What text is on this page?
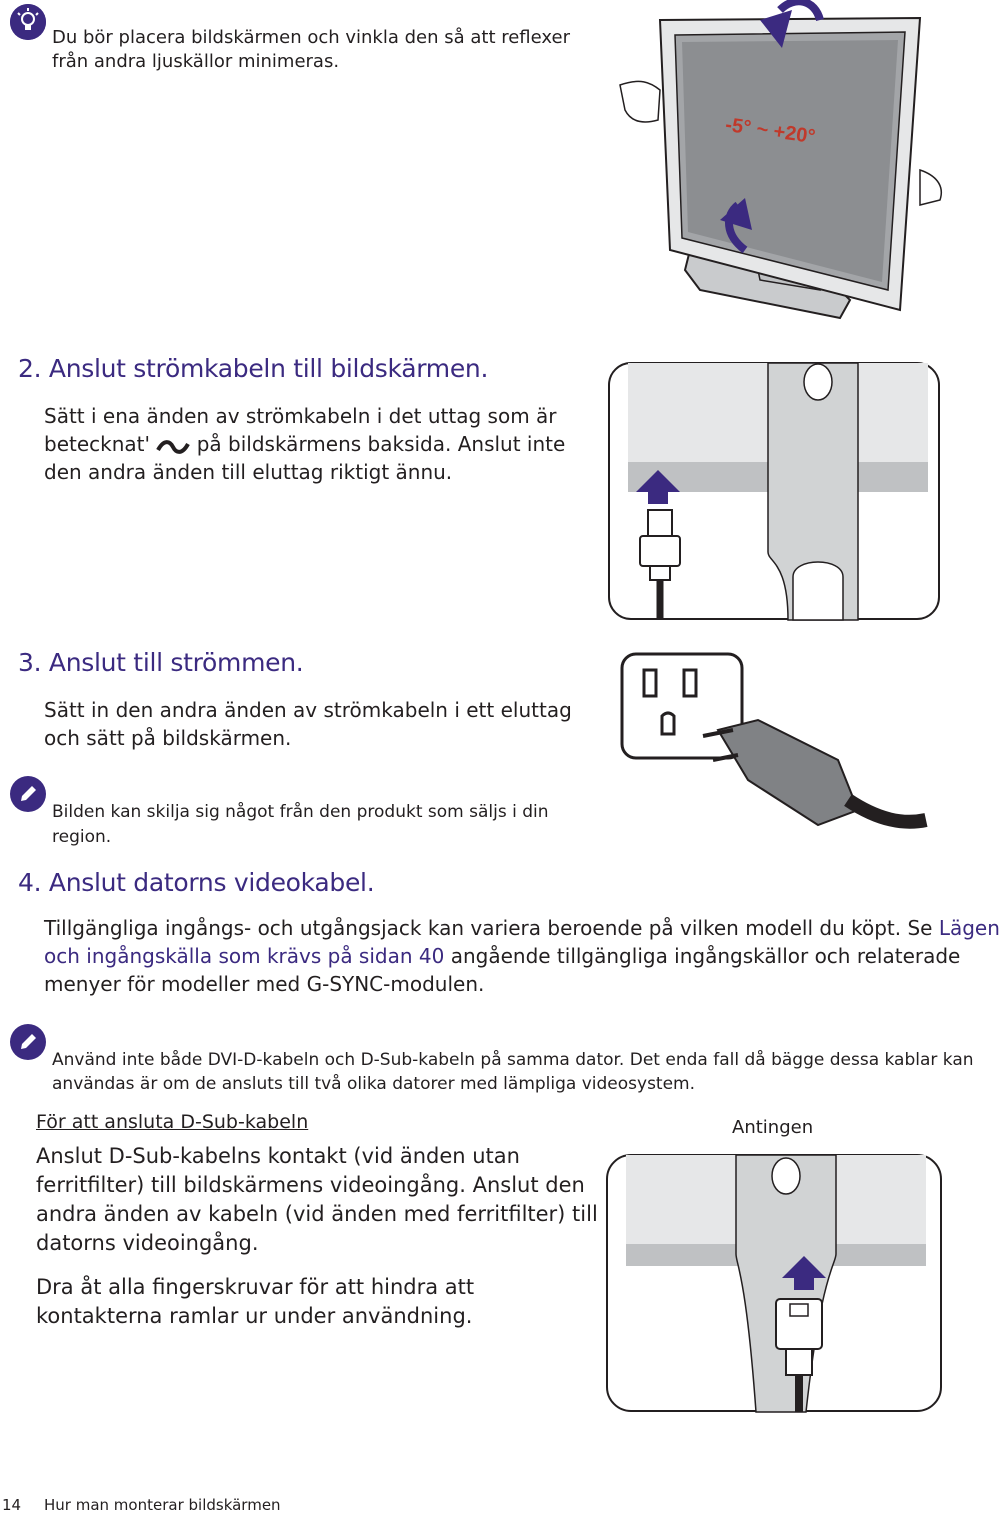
Du bör placera bildskärmen och vinkla den så att reflexer
från andra ljuskällor minimeras.
-5° ~ +20°
2. Anslut strömkabeln till bildskärmen.
Sätt i ena änden av strömkabeln i det uttag som är
betecknat' på bildskärmens baksida. Anslut inte
den andra änden till eluttag riktigt ännu.
3. Anslut till strömmen.
Sätt in den andra änden av strömkabeln i ett eluttag
och sätt på bildskärmen.
Bilden kan skilja sig något från den produkt som säljs i din
region.
4. Anslut datorns videokabel.
Tillgängliga ingångs- och utgångsjack kan variera beroende på vilken modell du köpt. Se Lägen
och ingångskälla som krävs på sidan 40 angående tillgängliga ingångskällor och relaterade
menyer för modeller med G-SYNC-modulen.
Använd inte både DVI-D-kabeln och D-Sub-kabeln på samma dator. Det enda fall då bägge dessa kablar kan
användas är om de ansluts till två olika datorer med lämpliga videosystem.
För att ansluta D-Sub-kabeln
Anslut D-Sub-kabelns kontakt (vid änden utan
ferritfilter) till bildskärmens videoingång. Anslut den
andra änden av kabeln (vid änden med ferritfilter) till
datorns videoingång.
Dra åt alla fingerskruvar för att hindra att
kontakterna ramlar ur under användning.
Antingen
14 Hur man monterar bildskärmen
